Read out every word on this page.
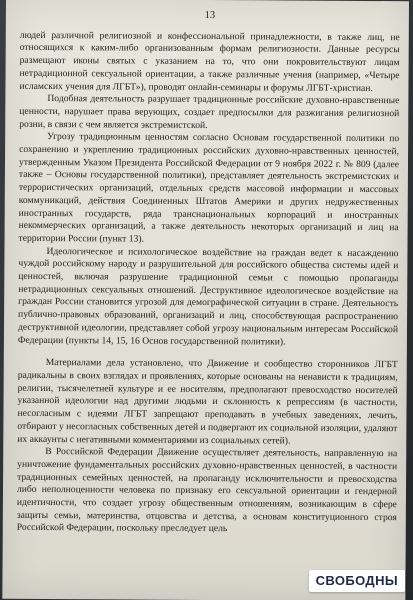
13

людей различной религиозной и конфессиональной принадлежности, в также лиц, не относящихся к каким-либо организованным формам религиозности. Данные ресурсы размещают иконы святых с указанием на то, что они покровительствуют лицам нетрадиционной сексуальной ориентации, а также различные учения (например, «Четыре исламских учения для ЛГБТ»), проводят онлайн-семинары и форумы ЛГБТ-христиан.

Подобная деятельность разрушает традиционные российские духовно-нравственные ценности, нарушает права верующих, создает предпосылки для разжигания религиозной розни, в связи с чем является экстремистской.

Угрозу традиционным ценностям согласно Основам государственной политики по сохранению и укреплению традиционных российских духовно-нравственных ценностей, утвержденным Указом Президента Российской Федерации от 9 ноября 2022 г. № 809 (далее также – Основы государственной политики), представляет деятельность экстремистских и террористических организаций, отдельных средств массовой информации и массовых коммуникаций, действия Соединенных Штатов Америки и других недружественных иностранных государств, ряда транснациональных корпораций и иностранных некоммерческих организаций, а также деятельность некоторых организаций и лиц на территории России (пункт 13).

Идеологическое и психологическое воздействие на граждан ведет к насаждению чуждой российскому народу и разрушительной для российского общества системы идей и ценностей, включая разрушение традиционной семьи с помощью пропаганды нетрадиционных сексуальных отношений. Деструктивное идеологическое воздействие на граждан России становится угрозой для демографической ситуации в стране. Деятельность публично-правовых образований, организаций и лиц, способствующая распространению деструктивной идеологии, представляет собой угрозу национальным интересам Российской Федерации (пункты 14, 15, 16 Основ государственной политики).

Материалами дела установлено, что Движение и сообщество сторонников ЛГБТ радикальны в своих взглядах и проявлениях, которые основаны на ненависти к традициям, религии, тысячелетней культуре и ее носителям, предполагают превосходство носителей указанной идеологии над другими людьми и склонность к репрессиям (в частности, несогласным с идеями ЛГБТ запрещают преподавать в учебных заведениях, лечить, отбирают у несогласных собственных детей и подвергают их социальной изоляции, удаляют их аккаунты с негативными комментариями из социальных сетей).

В Российской Федерации Движение осуществляет деятельность, направленную на уничтожение фундаментальных российских духовно-нравственных ценностей, в частности традиционных семейных ценностей, на пропаганду исключительности и превосходства либо неполноценности человека по признаку его сексуальной ориентации и гендерной идентичности, что создает угрозу общественным отношениям, возникающим в сфере защиты семьи, материнства, отцовства и детства, а основам конституционного строя Российской Федерации, поскольку преследует цель

СВОБОДНЫ
